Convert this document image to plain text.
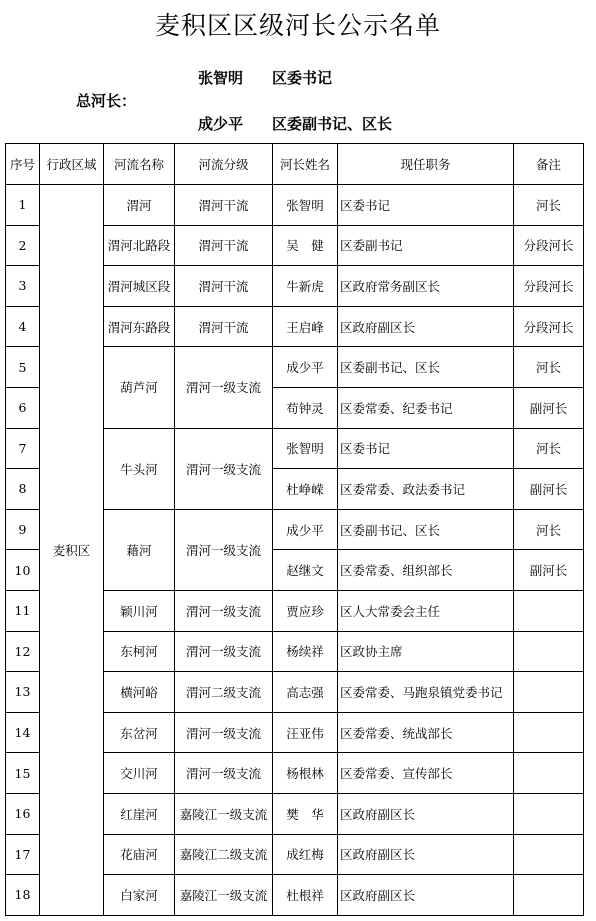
麦积区区级河长公示名单
张智明 区委书记
总河长：
成少平 区委副书记、区长
序号	行政区域	河流名称	河流分级	河长姓名	现任职务	备注
1	麦积区	渭河	渭河干流	张智明	区委书记	河长
2		渭河北路段	渭河干流	吴　健	区委副书记	分段河长
3		渭河城区段	渭河干流	牛新虎	区政府常务副区长	分段河长
4		渭河东路段	渭河干流	王启峰	区政府副区长	分段河长
5		葫芦河	渭河一级支流	成少平	区委副书记、区长	河长
6				苟钟灵	区委常委、纪委书记	副河长
7		牛头河	渭河一级支流	张智明	区委书记	河长
8				杜峥嵘	区委常委、政法委书记	副河长
9		藉河	渭河一级支流	成少平	区委副书记、区长	河长
10				赵继文	区委常委、组织部长	副河长
11		颖川河	渭河一级支流	贾应珍	区人大常委会主任	
12		东柯河	渭河一级支流	杨续祥	区政协主席	
13		横河峪	渭河二级支流	高志强	区委常委、马跑泉镇党委书记	
14		东岔河	渭河一级支流	汪亚伟	区委常委、统战部长	
15		交川河	渭河一级支流	杨根林	区委常委、宣传部长	
16		红崖河	嘉陵江一级支流	樊　华	区政府副区长	
17		花庙河	嘉陵江二级支流	成红梅	区政府副区长	
18		白家河	嘉陵江一级支流	杜根祥	区政府副区长	
